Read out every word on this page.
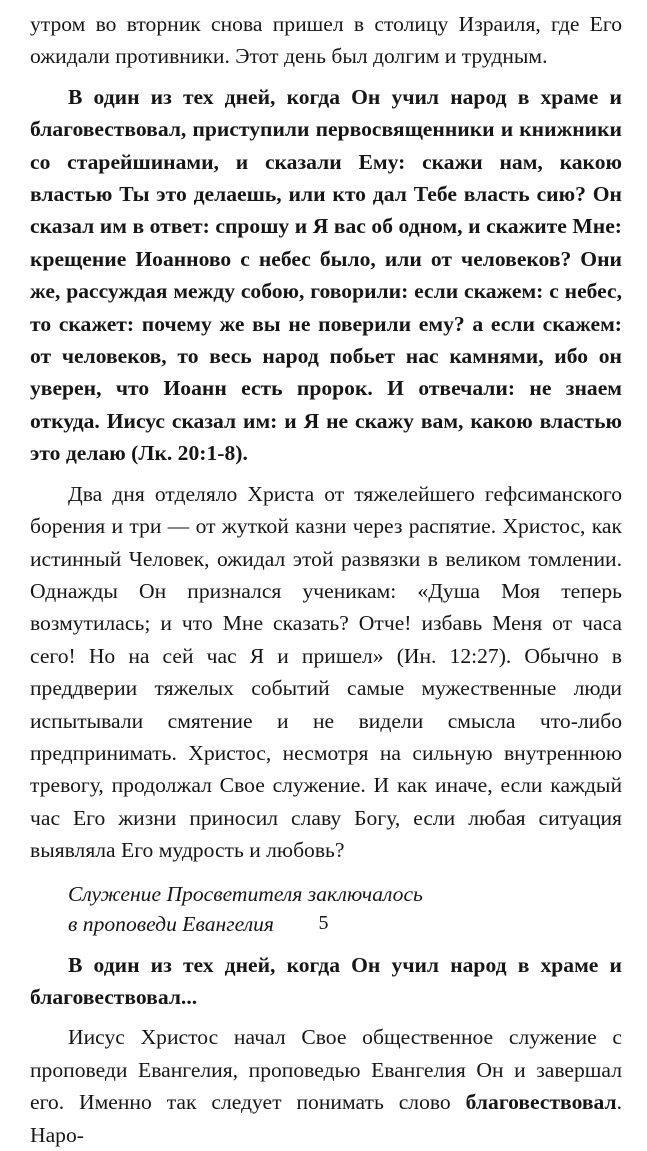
утром во вторник снова пришел в столицу Израиля, где Его ожидали противники. Этот день был долгим и трудным.

В один из тех дней, когда Он учил народ в храме и благовествовал, приступили первосвященники и книжники со старейшинами, и сказали Ему: скажи нам, какою властью Ты это делаешь, или кто дал Тебе власть сию? Он сказал им в ответ: спрошу и Я вас об одном, и скажите Мне: крещение Иоанново с небес было, или от человеков? Они же, рассуждая между собою, говорили: если скажем: с небес, то скажет: почему же вы не поверили ему? а если скажем: от человеков, то весь народ побьет нас камнями, ибо он уверен, что Иоанн есть пророк. И отвечали: не знаем откуда. Иисус сказал им: и Я не скажу вам, какою властью это делаю (Лк. 20:1-8).

Два дня отделяло Христа от тяжелейшего гефсиманского борения и три — от жуткой казни через распятие. Христос, как истинный Человек, ожидал этой развязки в великом томлении. Однажды Он признался ученикам: «Душа Моя теперь возмутилась; и что Мне сказать? Отче! избавь Меня от часа сего! Но на сей час Я и пришел» (Ин. 12:27). Обычно в преддверии тяжелых событий самые мужественные люди испытывали смятение и не видели смысла что-либо предпринимать. Христос, несмотря на сильную внутреннюю тревогу, продолжал Свое служение. И как иначе, если каждый час Его жизни приносил славу Богу, если любая ситуация выявляла Его мудрость и любовь?

Служение Просветителя заключалось

в проповеди Евангелия

В один из тех дней, когда Он учил народ в храме и благовествовал...

Иисус Христос начал Свое общественное служение с проповеди Евангелия, проповедью Евангелия Он и завершал его. Именно так следует понимать слово благовествовал. Наро-

5
